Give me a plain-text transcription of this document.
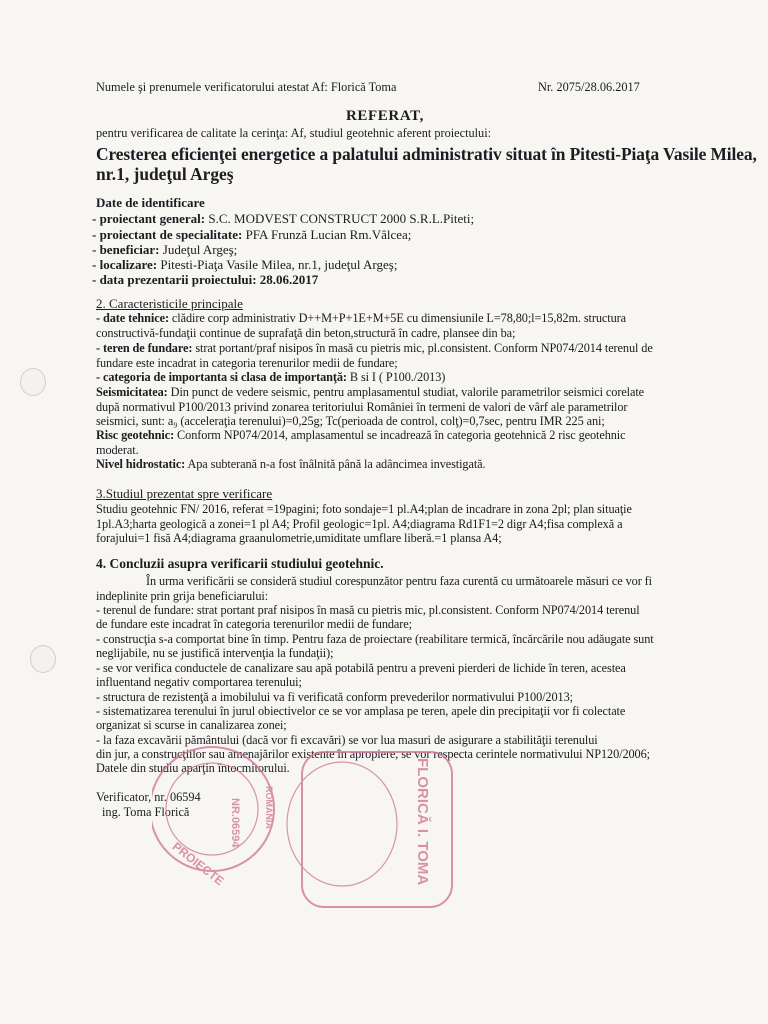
Numele şi prenumele verificatorului atestat Af: Florică Toma	Nr. 2075/28.06.2017
REFERAT,
pentru verificarea de calitate la cerinţa: Af, studiul geotehnic aferent proiectului:
Cresterea eficienţei energetice a palatului administrativ situat în Pitesti-Piaţa Vasile Milea,
nr.1, judeţul Argeş
Date de identificare
- proiectant general: S.C. MODVEST CONSTRUCT 2000 S.R.L.Piteti;
- proiectant de specialitate: PFA Frunză Lucian Rm.Vâlcea;
- beneficiar: Judeţul Argeş;
- localizare: Pitesti-Piaţa Vasile Milea, nr.1, judeţul Argeş;
- data prezentarii proiectului: 28.06.2017
2. Caracteristicile principale
- date tehnice: clădire corp administrativ D++M+P+1E+M+5E cu dimensiunile L=78,80;l=15,82m. structura
constructivă-fundaţii continue de suprafaţă din beton,structură în cadre, plansee din ba;
- teren de fundare: strat portant/praf nisipos în masă cu pietris mic, pl.consistent. Conform NP074/2014 terenul de
fundare este incadrat in categoria terenurilor medii de fundare;
- categoria de importanta si clasa de importanţă: B si I ( P100./2013)
Seismicitatea: Din punct de vedere seismic, pentru amplasamentul studiat, valorile parametrilor seismici corelate
după normativul P100/2013 privind zonarea teritoriului României în termeni de valori de vârf ale parametrilor
seismici, sunt: a₉ (acceleraţia terenului)=0,25g; Tc(perioada de control, colţ)=0,7sec, pentru IMR 225 ani;
Risc geotehnic: Conform NP074/2014, amplasamentul se incadrează în categoria geotehnică 2 risc geotehnic
moderat.
Nivel hidrostatic: Apa subterană n-a fost înâlnită până la adâncimea investigată.
3.Studiul prezentat spre verificare
Studiu geotehnic FN/ 2016, referat =19pagini; foto sondaje=1 pl.A4;plan de incadrare in zona 2pl; plan situaţie
1pl.A3;harta geologică a zonei=1 pl A4; Profil geologic=1pl. A4;diagrama Rd1F1=2 digr A4;fisa complexă a
forajului=1 fisă A4;diagrama graanulometrie,umiditate umflare liberă.=1 plansa A4;
4. Concluzii asupra verificarii studiului geotehnic.
În urma verificării se consideră studiul corespunzător pentru faza curentă cu următoarele măsuri ce vor fi
indeplinite prin grija beneficiarului:
- terenul de fundare: strat portant praf nisipos în masă cu pietris mic, pl.consistent. Conform NP074/2014 terenul
de fundare este incadrat în categoria terenurilor medii de fundare;
- construcţia s-a comportat bine în timp. Pentru faza de proiectare (reabilitare termică, încărcările nou adăugate sunt
neglijabile, nu se justifică intervenţia la fundaţii);
- se vor verifica conductele de canalizare sau apă potabilă pentru a preveni pierderi de lichide în teren, acestea
influentand negativ comportarea terenului;
- structura de rezistenţă a imobilului va fi verificată conform prevederilor normativului P100/2013;
- sistematizarea terenului în jurul obiectivelor ce se vor amplasa pe teren, apele din precipitaţii vor fi colectate
organizat si scurse in canalizarea zonei;
- la faza excavării pământului (dacă vor fi excavări) se vor lua masuri de asigurare a stabilităţii terenului
din jur, a construcţiilor sau amenajărilor existente în apropiere, se vor respecta cerintele normativului NP120/2006;
Datele din studiu aparţin întocmitorului.
Verificator, nr. 06594
ing. Toma Florică
PROIECTE
NR.06594	ROMÂNIA	FLORICĂ I. TOMA
